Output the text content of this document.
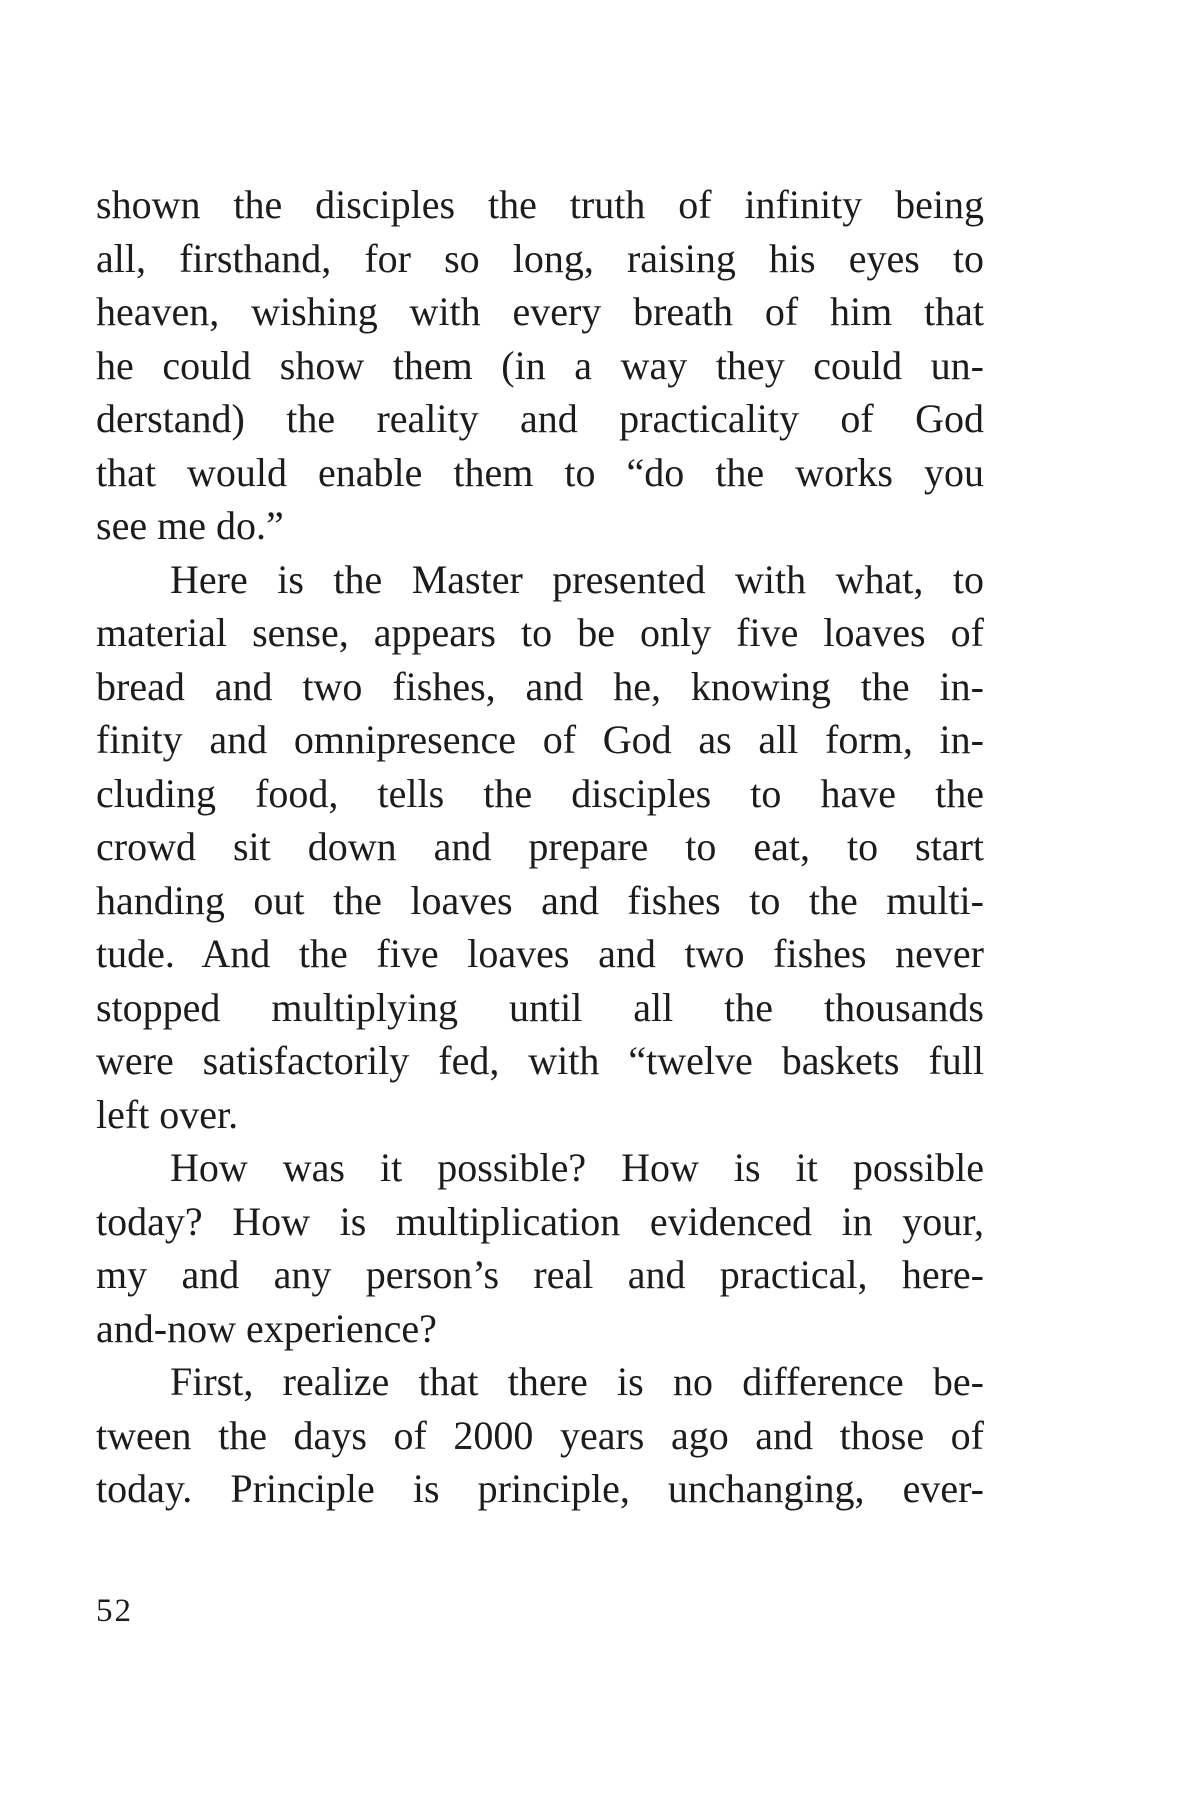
shown the disciples the truth of infinity being
all, firsthand, for so long, raising his eyes to
heaven, wishing with every breath of him that
he could show them (in a way they could un-
derstand) the reality and practicality of God
that would enable them to “do the works you
see me do.”
Here is the Master presented with what, to
material sense, appears to be only five loaves of
bread and two fishes, and he, knowing the in-
finity and omnipresence of God as all form, in-
cluding food, tells the disciples to have the
crowd sit down and prepare to eat, to start
handing out the loaves and fishes to the multi-
tude. And the five loaves and two fishes never
stopped multiplying until all the thousands
were satisfactorily fed, with “twelve baskets full
left over.
How was it possible? How is it possible
today? How is multiplication evidenced in your,
my and any person’s real and practical, here-
and-now experience?
First, realize that there is no difference be-
tween the days of 2000 years ago and those of
today. Principle is principle, unchanging, ever-
52
